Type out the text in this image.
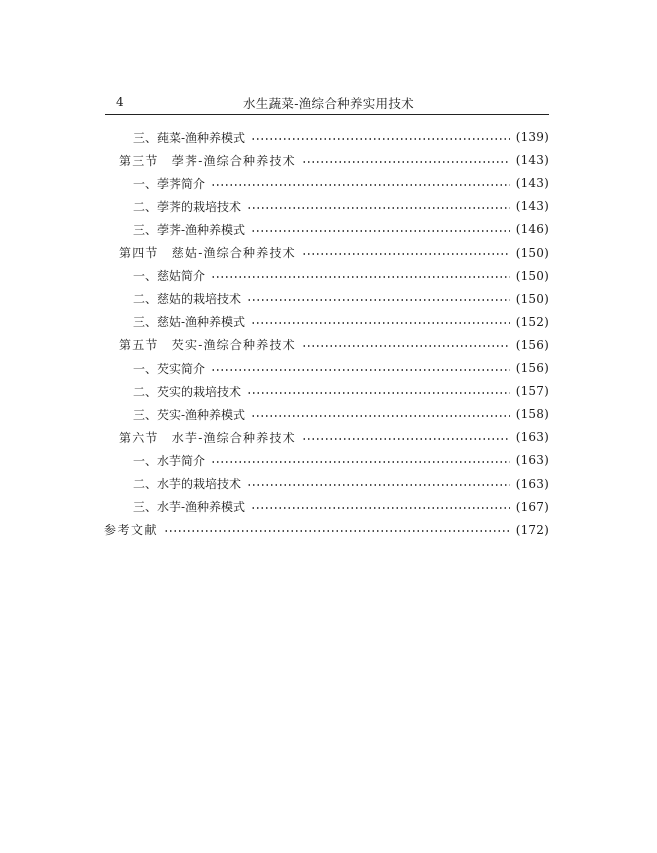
4	水生蔬菜-渔综合种养实用技术
三、莼菜-渔种养模式	(139)
第三节　荸荠-渔综合种养技术	(143)
一、荸荠简介	(143)
二、荸荠的栽培技术	(143)
三、荸荠-渔种养模式	(146)
第四节　慈姑-渔综合种养技术	(150)
一、慈姑简介	(150)
二、慈姑的栽培技术	(150)
三、慈姑-渔种养模式	(152)
第五节　芡实-渔综合种养技术	(156)
一、芡实简介	(156)
二、芡实的栽培技术	(157)
三、芡实-渔种养模式	(158)
第六节　水芋-渔综合种养技术	(163)
一、水芋简介	(163)
二、水芋的栽培技术	(163)
三、水芋-渔种养模式	(167)
参考文献	(172)
